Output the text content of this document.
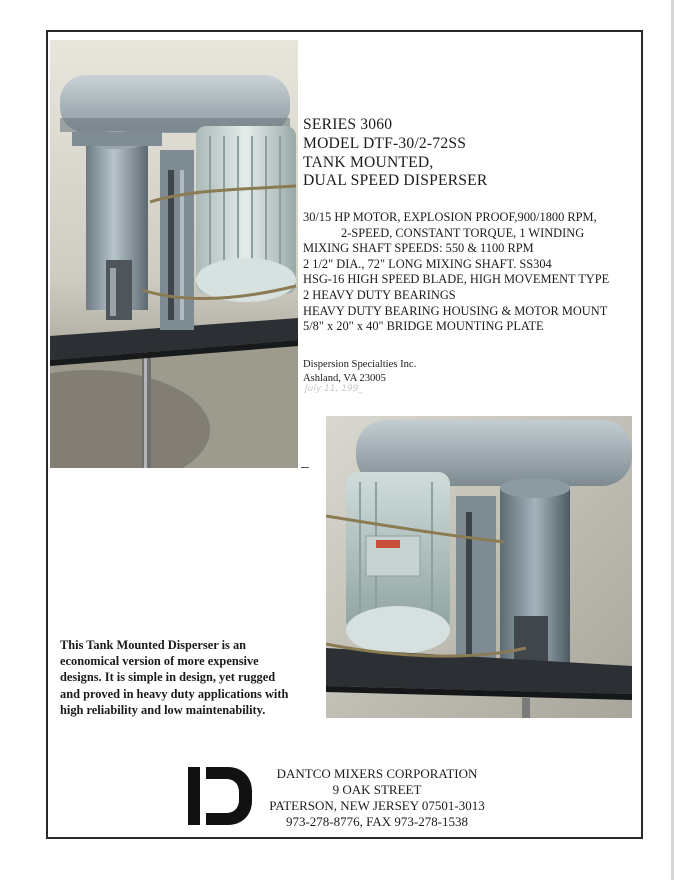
SERIES 3060
MODEL DTF-30/2-72SS
TANK MOUNTED,
DUAL SPEED DISPERSER
30/15 HP MOTOR, EXPLOSION PROOF,900/1800 RPM,
2-SPEED, CONSTANT TORQUE, 1 WINDING
MIXING SHAFT SPEEDS: 550 & 1100 RPM
2 1/2" DIA., 72" LONG MIXING SHAFT. SS304
HSG-16 HIGH SPEED BLADE, HIGH MOVEMENT TYPE
2 HEAVY DUTY BEARINGS
HEAVY DUTY BEARING HOUSING & MOTOR MOUNT
5/8" x 20" x 40" BRIDGE MOUNTING PLATE
Dispersion Specialties Inc.
Ashland, VA 23005
July 11, 199_
This Tank Mounted Disperser is an
economical version of more expensive
designs. It is simple in design, yet rugged
and proved in heavy duty applications with
high reliability and low maintenability.
DANTCO MIXERS CORPORATION
9 OAK STREET
PATERSON, NEW JERSEY 07501-3013
973-278-8776, FAX 973-278-1538
